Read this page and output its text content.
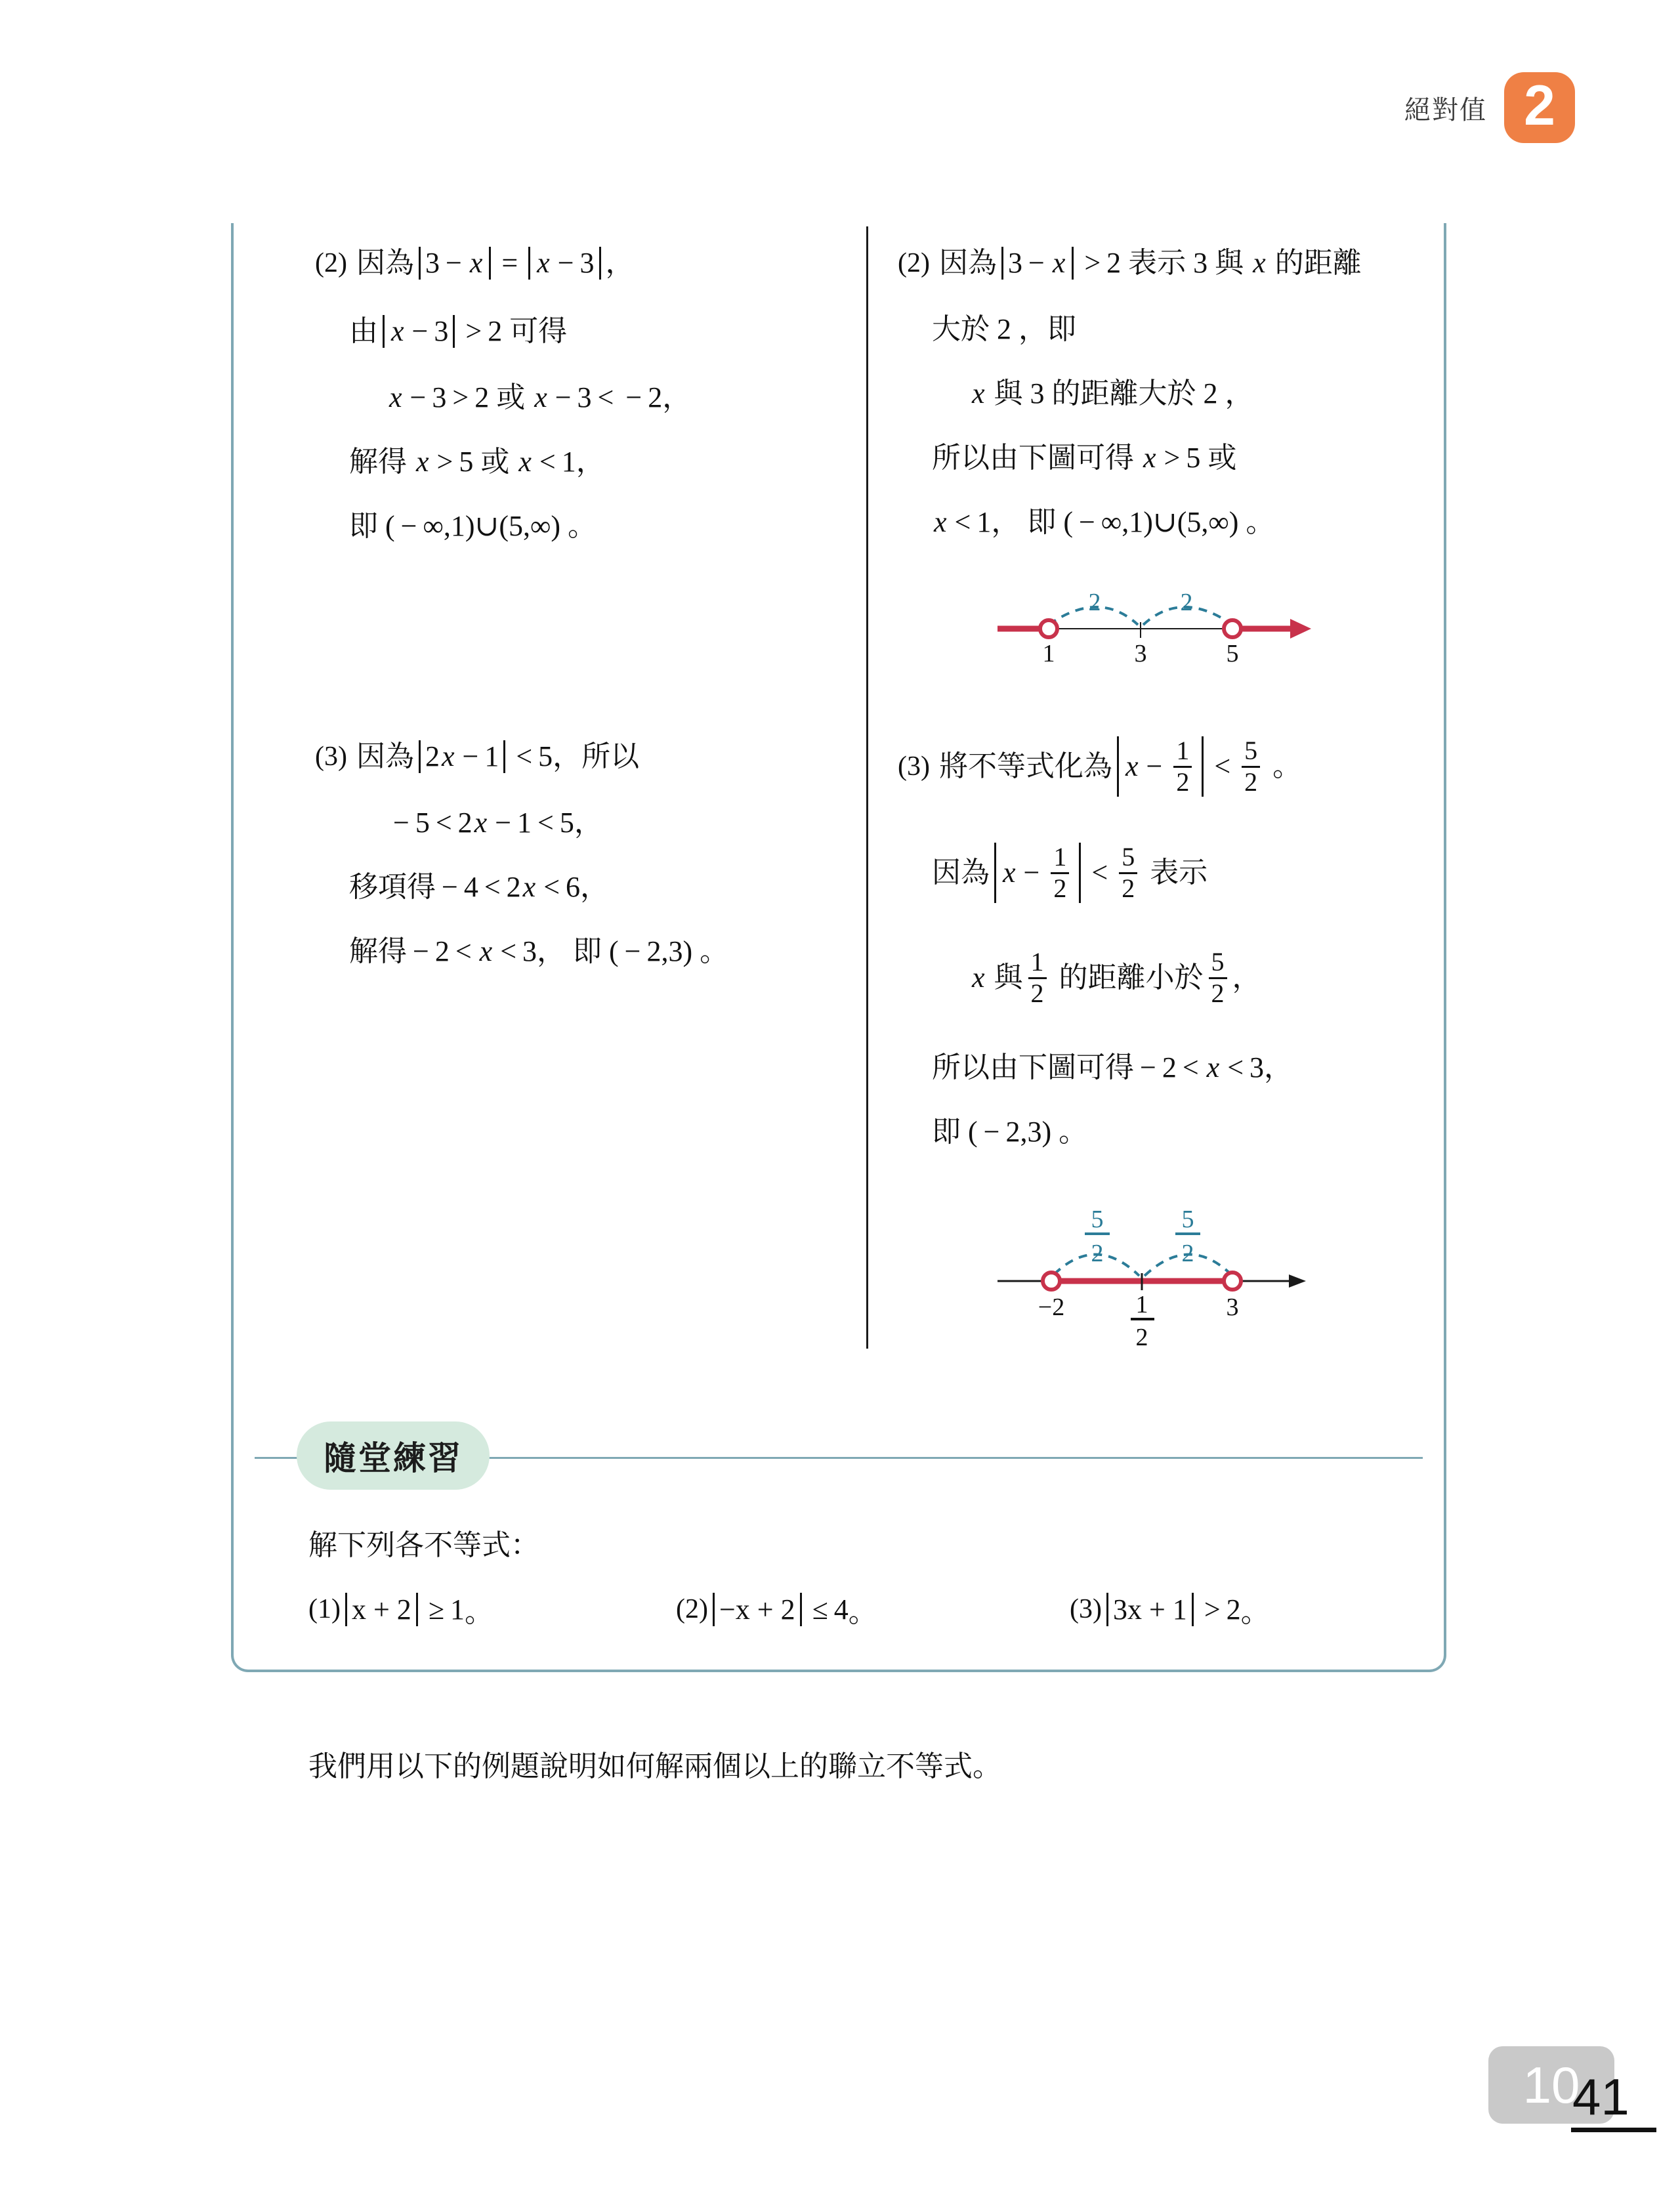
絕對值 2
(2) 因為 3 − x = x − 3 ，
由 x − 3 > 2 可得
x − 3 > 2 或 x − 3 < − 2 ，
解得 x > 5 或 x < 1 ，
即 ( − ∞,1)∪(5,∞) 。
(3) 因為 2 x − 1 < 5 ，所以
− 5 < 2 x − 1 < 5 ，
移項得 − 4 < 2 x < 6 ，
解得 − 2 < x < 3 ， 即 ( − 2,3) 。
(2) 因為 3 − x > 2 表示 3 與 x 的距離
大於 2 ，即
x 與 3 的距離大於 2 ，
所以由下圖可得 x > 5 或
x < 1 ， 即 ( − ∞,1)∪(5,∞) 。
(3) 將不等式化為 $x - \frac{1}{2} < \frac{5}{2}$ 。
因為 $x - \frac{1}{2} < \frac{5}{2}$ 表示
x 與 $\frac{1}{2}$ 的距離小於 $\frac{5}{2}$ ，
所以由下圖可得 − 2 < x < 3 ，
即 ( − 2,3) 。
2	2
1	3	5
5
2
5
2
−2	1
2
3
隨堂練習
解下列各不等式：
(1) x + 2 ≥ 1 。	(2) −x + 2 ≤ 4 。	(3) 3x + 1 > 2 。
我們用以下的例題說明如何解兩個以上的聯立不等式。
10
41
